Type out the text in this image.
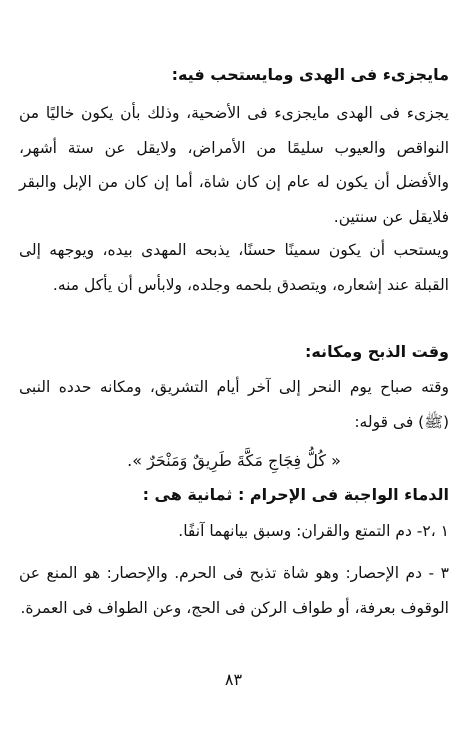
مايجزىء فى الهدى ومايستحب فيه:
يجزىء فى الهدى مايجزىء فى الأضحية، وذلك بأن يكون خاليًا من النواقص والعيوب سليمًا من الأمراض، ولايقل عن ستة أشهر، والأفضل أن يكون له عام إن كان شاة، أما إن كان من الإبل والبقر فلايقل عن سنتين.
ويستحب أن يكون سمينًا حسنًا، يذبحه المهدى بيده، ويوجهه إلى القبلة عند إشعاره، ويتصدق بلحمه وجلده، ولابأس أن يأكل منه.
وقت الذبح ومكانه:
وقته صباح يوم النحر إلى آخر أيام التشريق، ومكانه حدده النبى (ﷺ) فى قوله:
« كُلُّ فِجَاجِ مَكَّةَ طَرِيقٌ وَمَنْحَرٌ ».
الدماء الواجبة فى الإحرام : ثمانية هى :
١ ،٢- دم التمتع والقران: وسبق بيانهما آنفًا.
٣ - دم الإحصار: وهو شاة تذبح فى الحرم. والإحصار: هو المنع عن الوقوف بعرفة، أو طواف الركن فى الحج، وعن الطواف فى العمرة.
٨٣
